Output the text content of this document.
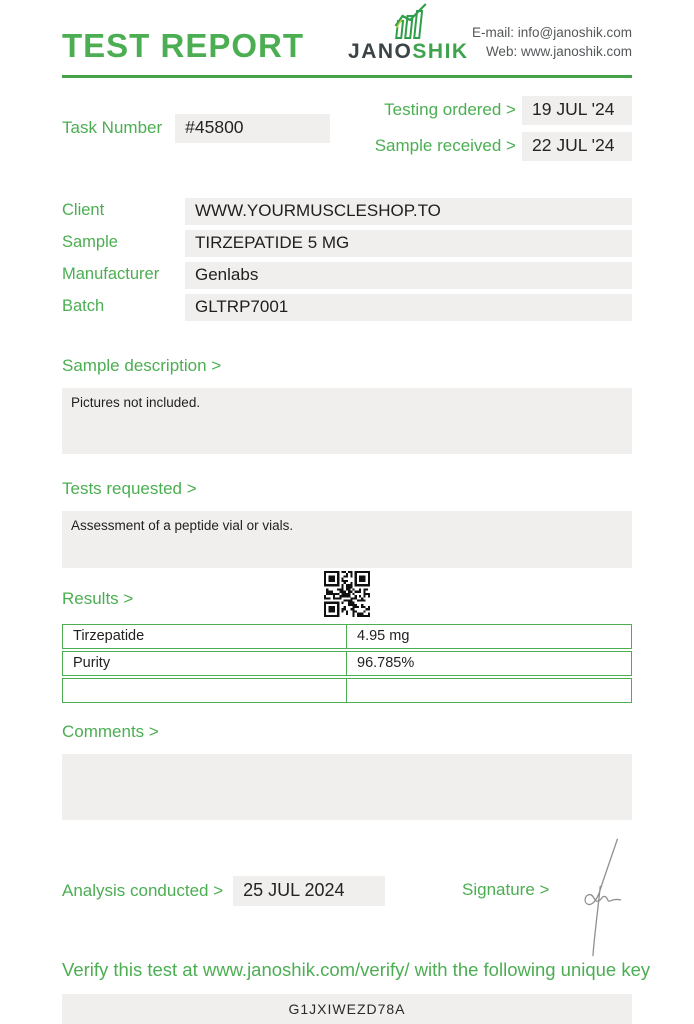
TEST REPORT JANOSHIK
E-mail: info@janoshik.com
Web: www.janoshik.com
Task Number	#45800
Testing ordered > 19 JUL '24
Sample received > 22 JUL '24
Client	WWW.YOURMUSCLESHOP.TO
Sample	TIRZEPATIDE 5 MG
Manufacturer	Genlabs
Batch	GLTRP7001
Sample description >
Pictures not included.
Tests requested >
Assessment of a peptide vial or vials.
Results >
Tirzepatide	4.95 mg
Purity	96.785%
Comments >
Analysis conducted >	25 JUL 2024	Signature >
Verify this test at www.janoshik.com/verify/ with the following unique key
G1JXIWEZD78A
